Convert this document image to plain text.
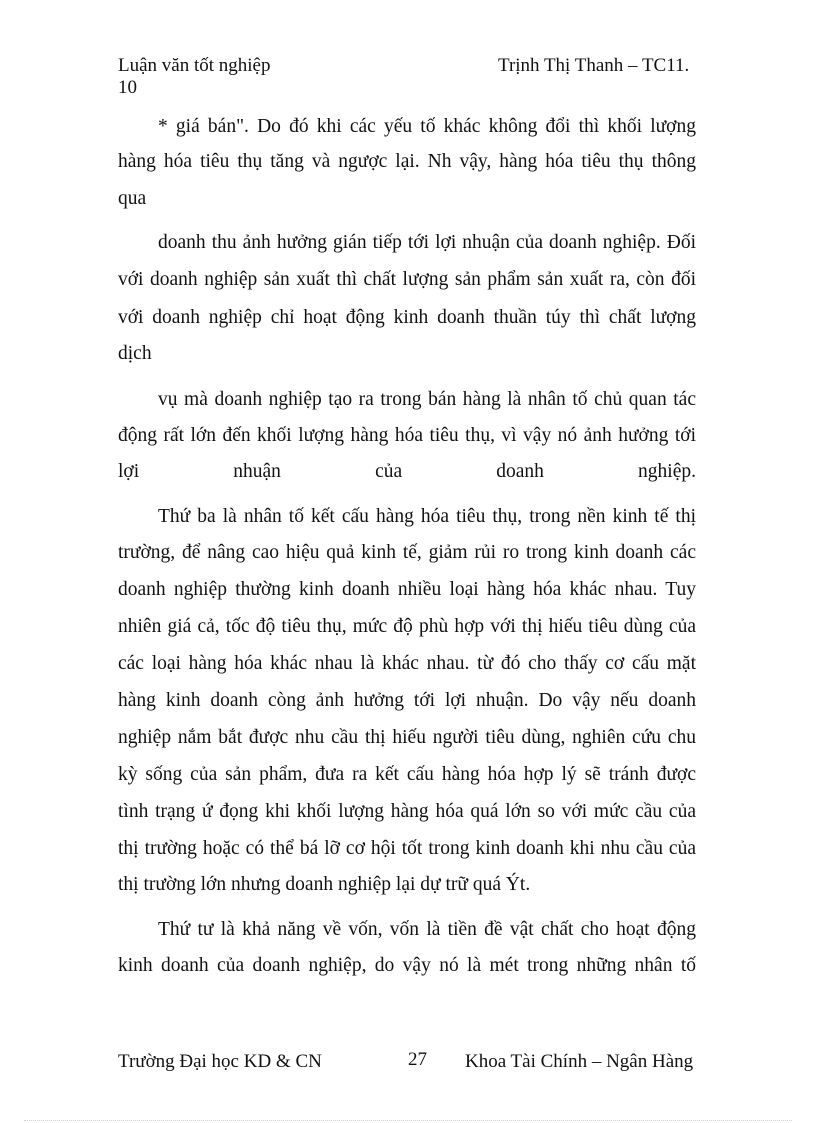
Luận văn tốt nghiệp	Trịnh Thị Thanh – TC11.
10
* giá bán". Do đó khi các yếu tố khác không đổi thì khối lượng
hàng hóa tiêu thụ tăng và ngược lại. Nh vậy, hàng hóa tiêu thụ thông
qua
doanh thu ảnh hưởng gián tiếp tới lợi nhuận của doanh nghiệp. Đối
với doanh nghiệp sản xuất thì chất lượng sản phẩm sản xuất ra, còn đối
với doanh nghiệp chỉ hoạt động kinh doanh thuần túy thì chất lượng
dịch
vụ mà doanh nghiệp tạo ra trong bán hàng là nhân tố chủ quan tác
động rất lớn đến khối lượng hàng hóa tiêu thụ, vì vậy nó ảnh hưởng tới
lợi nhuận của doanh nghiệp.
Thứ ba là nhân tố kết cấu hàng hóa tiêu thụ, trong nền kinh tế thị
trường, để nâng cao hiệu quả kinh tế, giảm rủi ro trong kinh doanh các
doanh nghiệp thường kinh doanh nhiều loại hàng hóa khác nhau. Tuy
nhiên giá cả, tốc độ tiêu thụ, mức độ phù hợp với thị hiếu tiêu dùng của
các loại hàng hóa khác nhau là khác nhau. từ đó cho thấy cơ cấu mặt
hàng kinh doanh còng ảnh hưởng tới lợi nhuận. Do vậy nếu doanh
nghiệp nắm bắt được nhu cầu thị hiếu người tiêu dùng, nghiên cứu chu
kỳ sống của sản phẩm, đưa ra kết cấu hàng hóa hợp lý sẽ tránh được
tình trạng ứ đọng khi khối lượng hàng hóa quá lớn so với mức cầu của
thị trường hoặc có thể bá lỡ cơ hội tốt trong kinh doanh khi nhu cầu của
thị trường lớn nhưng doanh nghiệp lại dự trữ quá Ýt.
Thứ tư là khả năng về vốn, vốn là tiền đề vật chất cho hoạt động
kinh doanh của doanh nghiệp, do vậy nó là mét trong những nhân tố
Trường Đại học KD & CN	27 Khoa Tài Chính – Ngân Hàng
